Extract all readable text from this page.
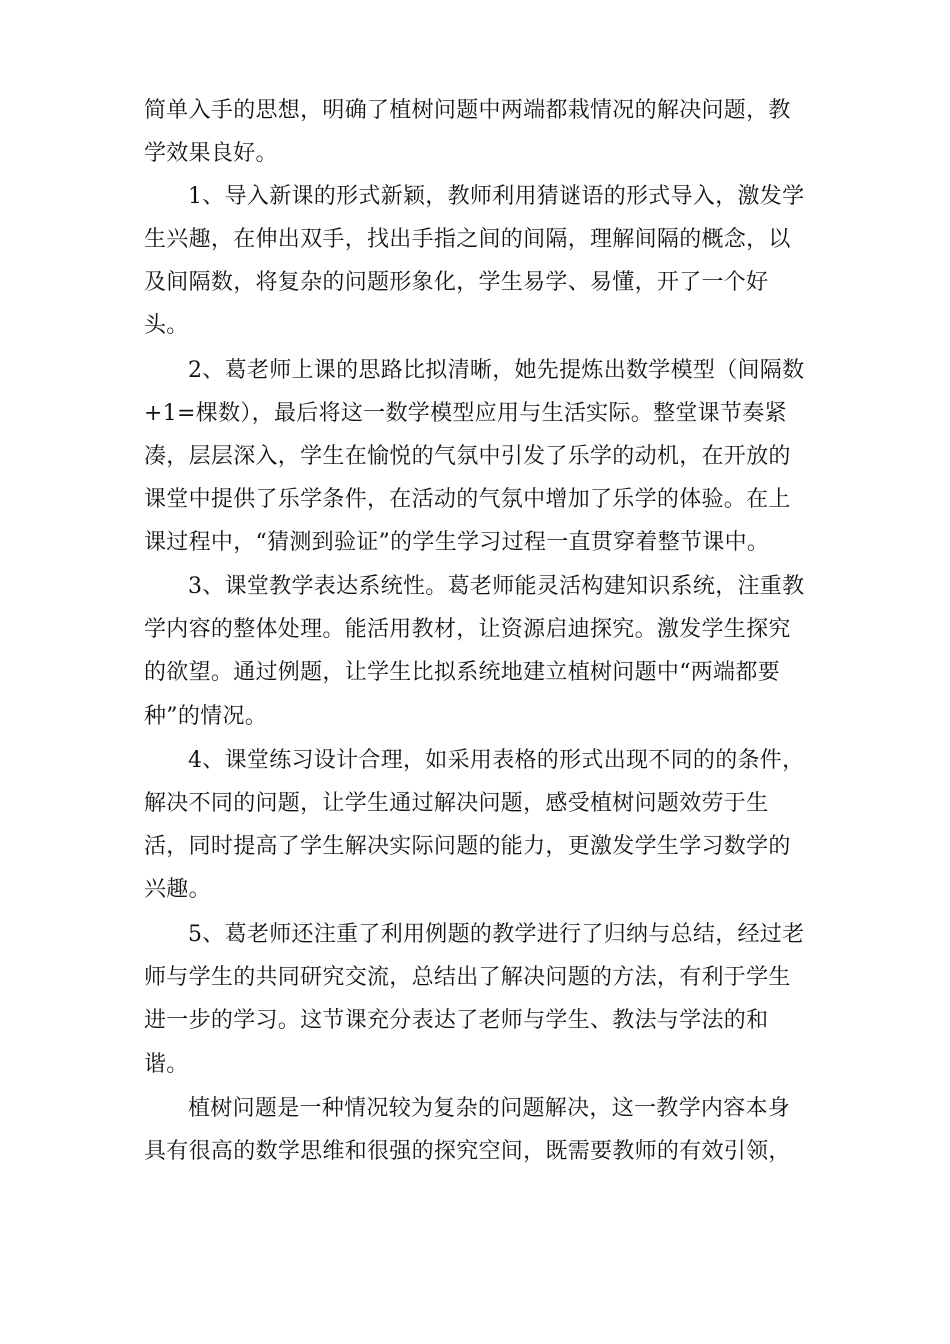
简单入手的思想，明确了植树问题中两端都栽情况的解决问题，教
学效果良好。
1、导入新课的形式新颖，教师利用猜谜语的形式导入，激发学
生兴趣，在伸出双手，找出手指之间的间隔，理解间隔的概念，以
及间隔数，将复杂的问题形象化，学生易学、易懂，开了一个好
头。
2、葛老师上课的思路比拟清晰，她先提炼出数学模型（间隔数
+1=棵数），最后将这一数学模型应用与生活实际。整堂课节奏紧
凑，层层深入，学生在愉悦的气氛中引发了乐学的动机，在开放的
课堂中提供了乐学条件，在活动的气氛中增加了乐学的体验。在上
课过程中，“猜测到验证”的学生学习过程一直贯穿着整节课中。
3、课堂教学表达系统性。葛老师能灵活构建知识系统，注重教
学内容的整体处理。能活用教材，让资源启迪探究。激发学生探究
的欲望。通过例题，让学生比拟系统地建立植树问题中“两端都要
种”的情况。
4、课堂练习设计合理，如采用表格的形式出现不同的的条件，
解决不同的问题，让学生通过解决问题，感受植树问题效劳于生
活，同时提高了学生解决实际问题的能力，更激发学生学习数学的
兴趣。
5、葛老师还注重了利用例题的教学进行了归纳与总结，经过老
师与学生的共同研究交流，总结出了解决问题的方法，有利于学生
进一步的学习。这节课充分表达了老师与学生、教法与学法的和
谐。
植树问题是一种情况较为复杂的问题解决，这一教学内容本身
具有很高的数学思维和很强的探究空间，既需要教师的有效引领，
